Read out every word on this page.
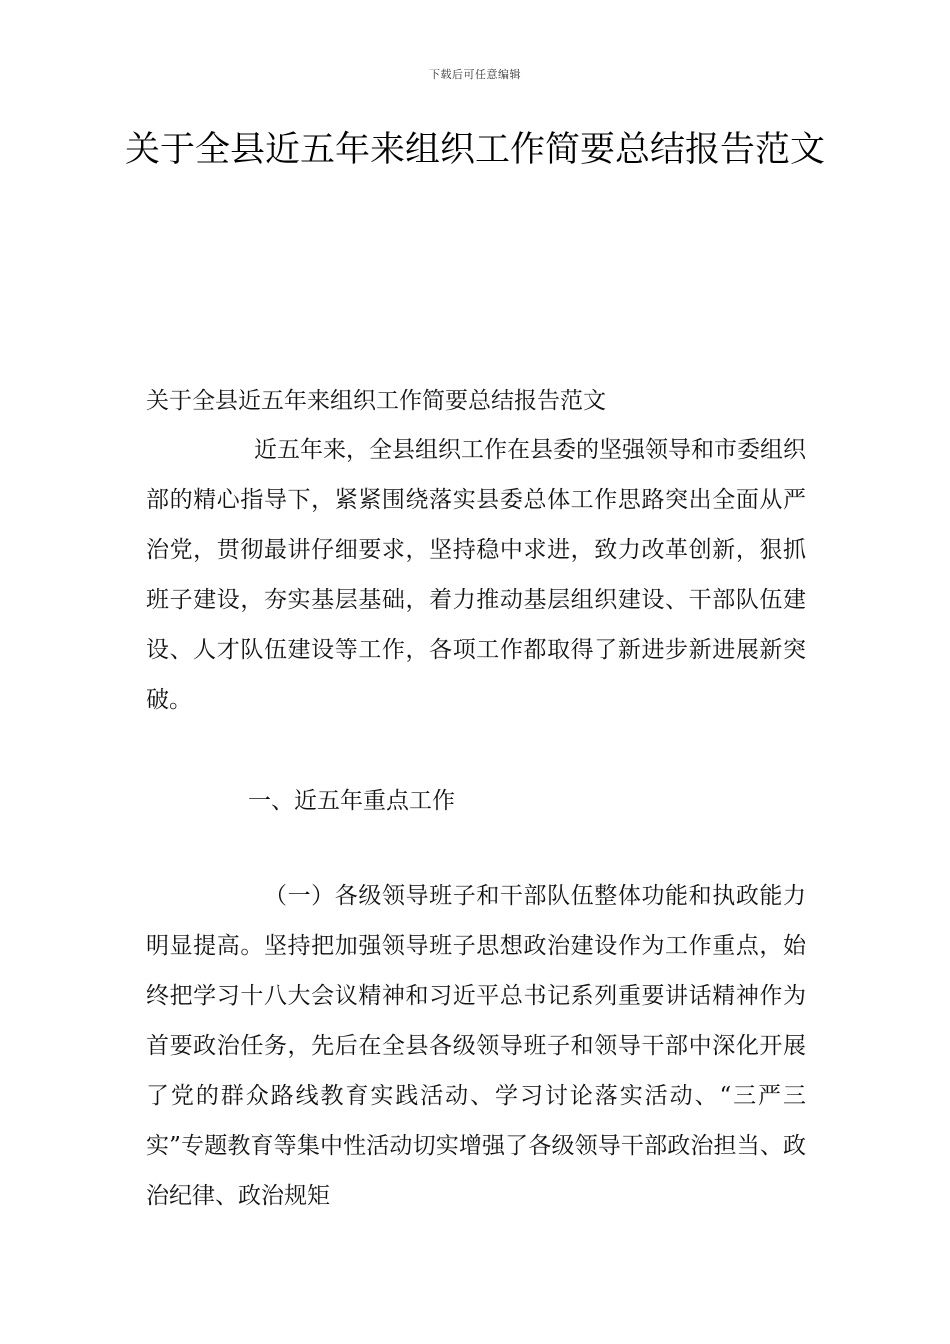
下载后可任意编辑
关于全县近五年来组织工作简要总结报告范文

关于全县近五年来组织工作简要总结报告范文

近五年来，全县组织工作在县委的坚强领导和市委组织部的精心指导下，紧紧围绕落实县委总体工作思路突出全面从严治党，贯彻最讲仔细要求，坚持稳中求进，致力改革创新，狠抓班子建设，夯实基层基础，着力推动基层组织建设、干部队伍建设、人才队伍建设等工作，各项工作都取得了新进步新进展新突破。

一、近五年重点工作

（一）各级领导班子和干部队伍整体功能和执政能力明显提高。坚持把加强领导班子思想政治建设作为工作重点，始终把学习十八大会议精神和习近平总书记系列重要讲话精神作为首要政治任务，先后在全县各级领导班子和领导干部中深化开展了党的群众路线教育实践活动、学习讨论落实活动、“三严三实”专题教育等集中性活动切实增强了各级领导干部政治担当、政治纪律、政治规矩
